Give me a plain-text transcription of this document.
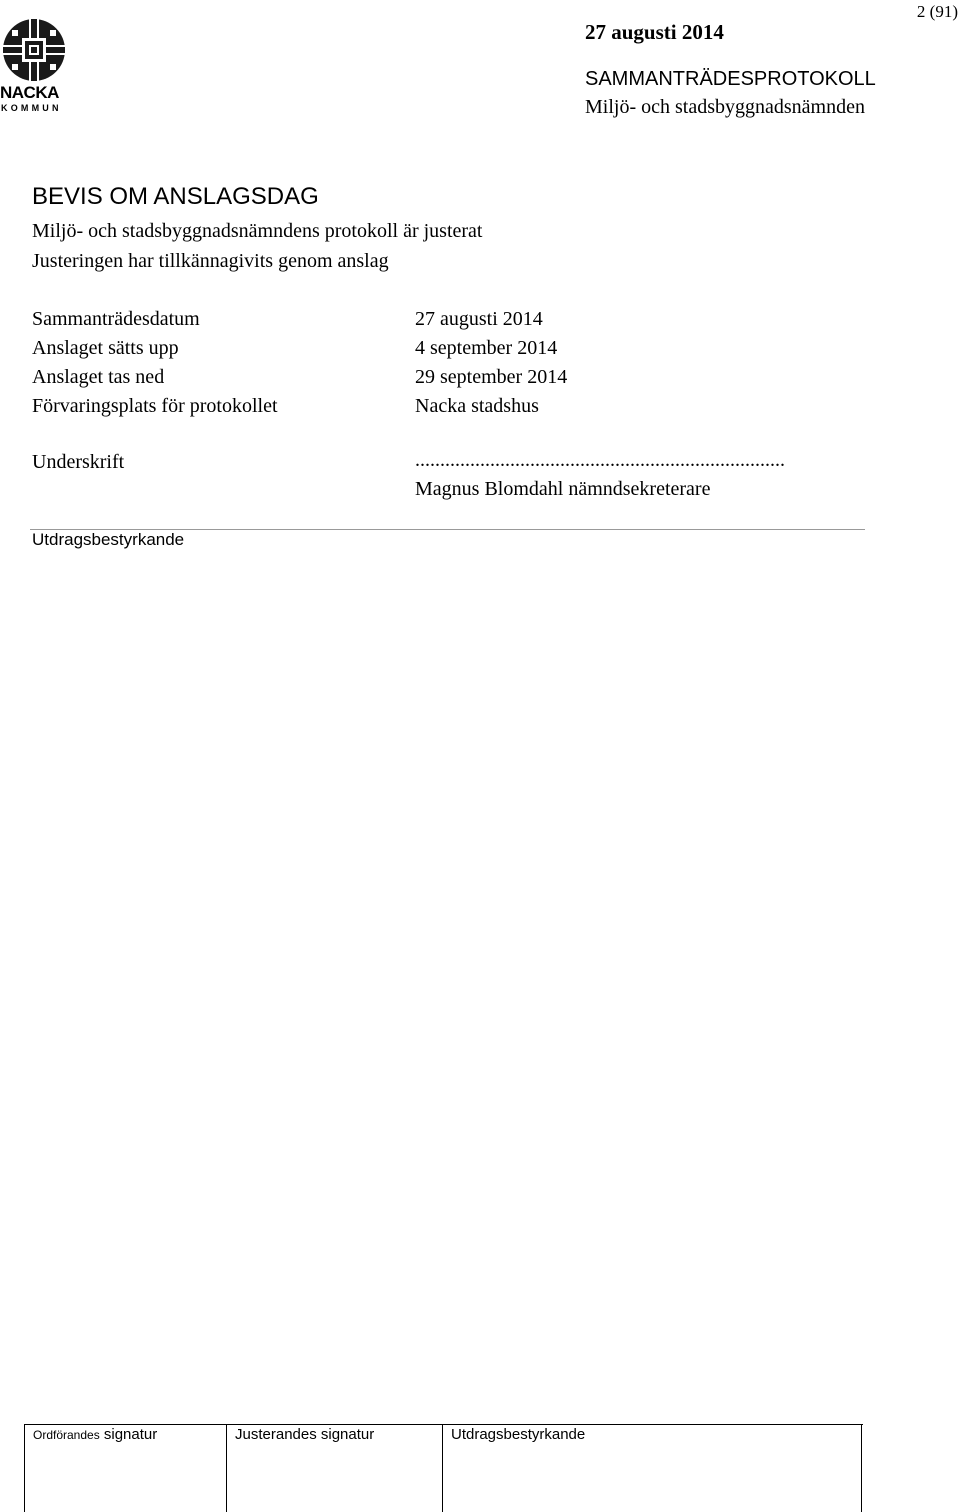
2 (91)
NACKA
KOMMUN
27 augusti 2014
SAMMANTRÄDESPROTOKOLL
Miljö- och stadsbyggnadsnämnden
BEVIS OM ANSLAGSDAG
Miljö- och stadsbyggnadsnämndens protokoll är justerat
Justeringen har tillkännagivits genom anslag
Sammanträdesdatum	27 augusti 2014
Anslaget sätts upp	4 september 2014
Anslaget tas ned	29 september 2014
Förvaringsplats för protokollet	Nacka stadshus
Underskrift	..........................................................................
Magnus Blomdahl nämndsekreterare
Utdragsbestyrkande
Ordförandes signatur	Justerandes signatur	Utdragsbestyrkande
